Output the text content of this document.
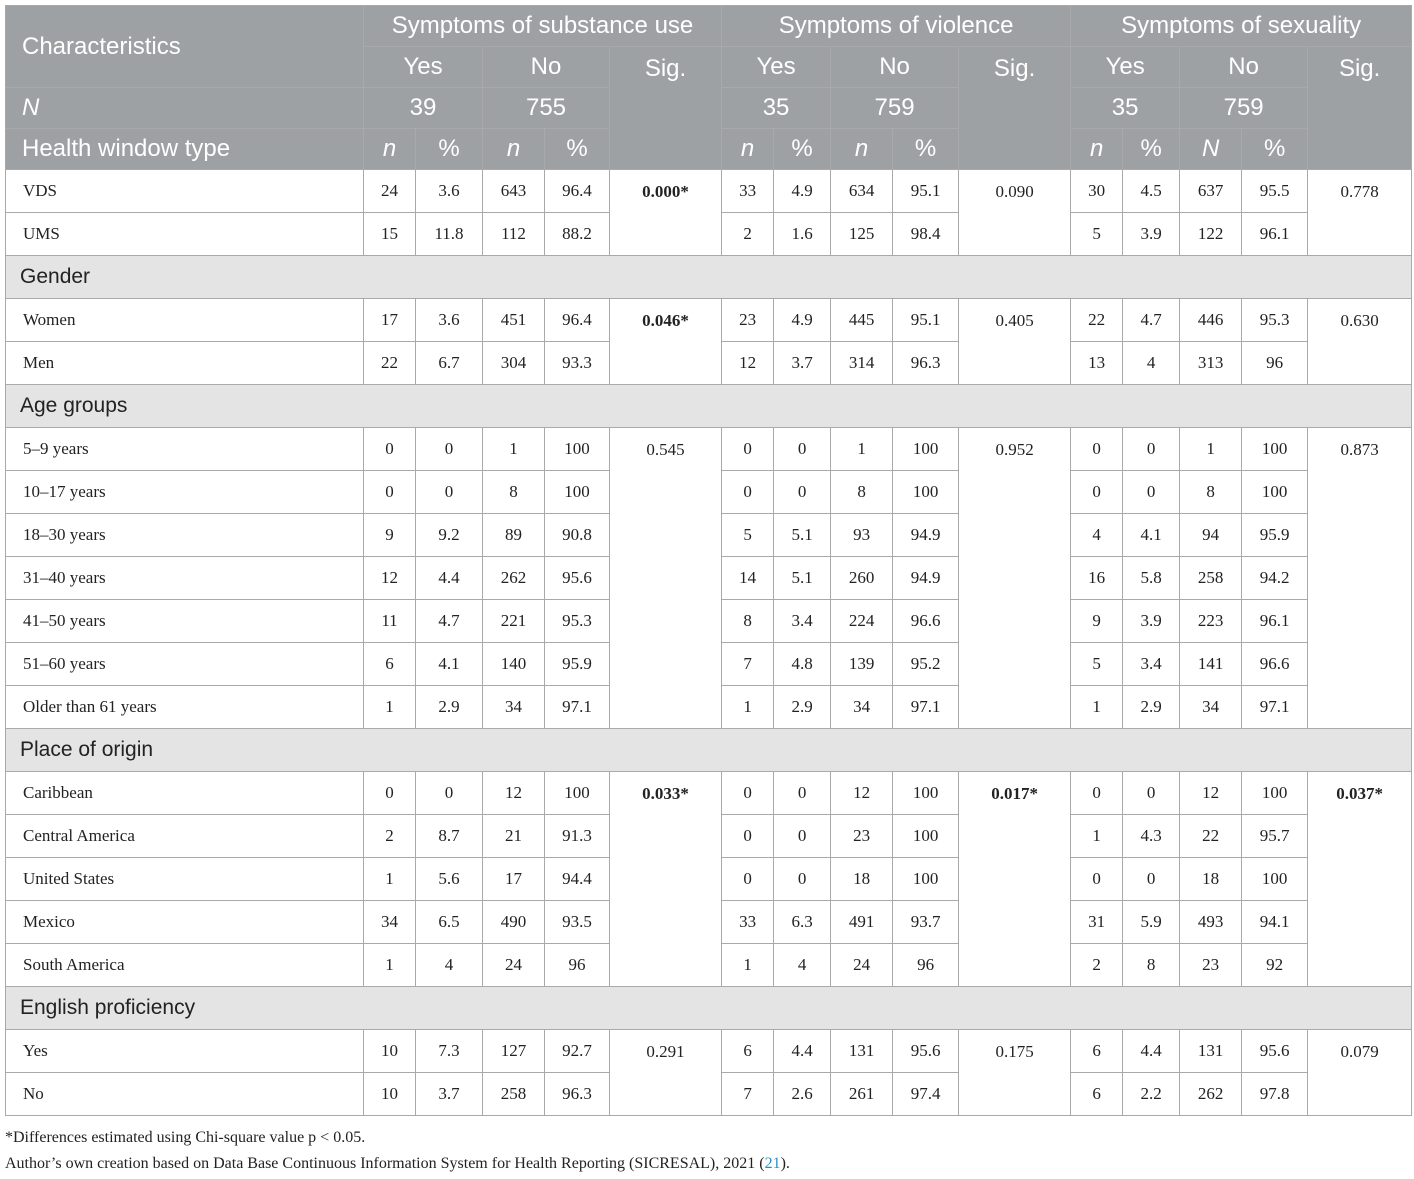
Characteristics	Symptoms of substance use					Symptoms of violence					Symptoms of sexuality				
	Yes		No		Sig.	Yes		No		Sig.	Yes		No		Sig.
N	39		755			35		759			35		759		
Health window type	n	%	n	%		n	%	n	%		n	%	N	%	
VDS	24	3.6	643	96.4	0.000*	33	4.9	634	95.1	0.090	30	4.5	637	95.5	0.778
UMS	15	11.8	112	88.2		2	1.6	125	98.4		5	3.9	122	96.1	
Gender															
Women	17	3.6	451	96.4	0.046*	23	4.9	445	95.1	0.405	22	4.7	446	95.3	0.630
Men	22	6.7	304	93.3		12	3.7	314	96.3		13	4	313	96	
Age groups															
5–9 years	0	0	1	100	0.545	0	0	1	100	0.952	0	0	1	100	0.873
10–17 years	0	0	8	100		0	0	8	100		0	0	8	100	
18–30 years	9	9.2	89	90.8		5	5.1	93	94.9		4	4.1	94	95.9	
31–40 years	12	4.4	262	95.6		14	5.1	260	94.9		16	5.8	258	94.2	
41–50 years	11	4.7	221	95.3		8	3.4	224	96.6		9	3.9	223	96.1	
51–60 years	6	4.1	140	95.9		7	4.8	139	95.2		5	3.4	141	96.6	
Older than 61 years	1	2.9	34	97.1		1	2.9	34	97.1		1	2.9	34	97.1	
Place of origin															
Caribbean	0	0	12	100	0.033*	0	0	12	100	0.017*	0	0	12	100	0.037*
Central America	2	8.7	21	91.3		0	0	23	100		1	4.3	22	95.7	
United States	1	5.6	17	94.4		0	0	18	100		0	0	18	100	
Mexico	34	6.5	490	93.5		33	6.3	491	93.7		31	5.9	493	94.1	
South America	1	4	24	96		1	4	24	96		2	8	23	92	
English proficiency															
Yes	10	7.3	127	92.7	0.291	6	4.4	131	95.6	0.175	6	4.4	131	95.6	0.079
No	10	3.7	258	96.3		7	2.6	261	97.4		6	2.2	262	97.8	
*Differences estimated using Chi-square value p < 0.05.
Author’s own creation based on Data Base Continuous Information System for Health Reporting (SICRESAL), 2021 (21).
